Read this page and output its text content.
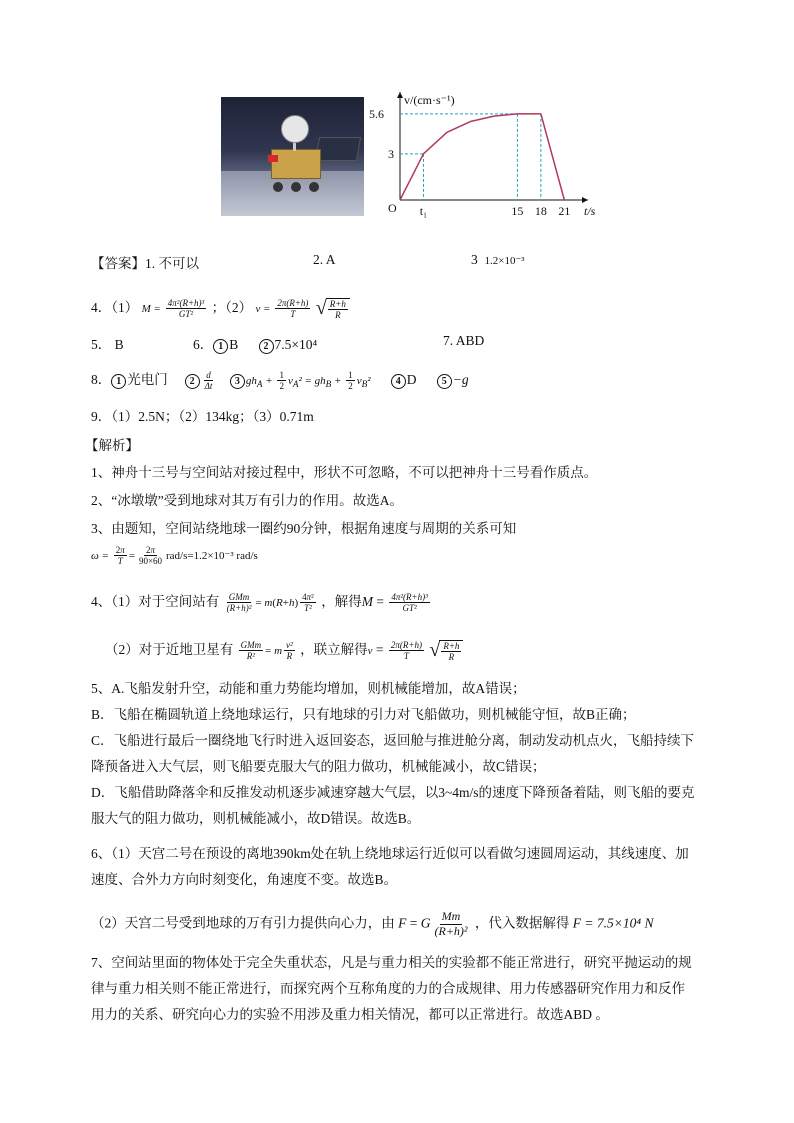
O
5.6
3
t₁	15 18 21 t/s
v/(cm·s⁻¹)
【答案】1. 不可以	2. A	3 1.2×10⁻³
4．（1） $M = \frac{\text{4π²(R+h)³}}{\text{GT²}}$ ；（2） $v = \frac{2\pi(R+h)}{T}$
√ $\frac{R+h}{R}$
5． B	6． 1 B	2 7.5×10⁴	7. ABD
8． 1 光电门 $2 \frac{d}{\Delta t} 3$ $gh_A + \frac{1}{2} v_A^2 = gh_B + \frac{1}{2} v_B^2$	4 D	5 −g
9．（1）2.5N；（2）134kg；（3）0.71m
【解析】
1、神舟十三号与空间站对接过程中，形状不可忽略，不可以把神舟十三号看作质点。
2、“冰墩墩”受到地球对其万有引力的作用。故选A。
3、由题知，空间站绕地球一圈约90分钟，根据角速度与周期的关系可知
$\omega = \frac{2\pi}{T} = \frac{2\pi}{90\times 60} rad/s=1.2\times 10^{-3}$ rad/s
4、（1）对于空间站有 $\frac{\text{GMm}}{\text{(R+h)²}} = m(R+h) \frac{\text{4π²}}{\text{T²}}$ ，解得$M = \frac{\text{4π²(R+h)³}}{\text{GT²}}$
（2）对于近地卫星有 $\frac{\text{GMm}}{\text{R²}} = m \frac{\text{v²}}{R}$ ，联立解得$v = \frac{2\pi(R+h)}{T}$
√ $\frac{R+h}{R}$
5、A.飞船发射升空，动能和重力势能均增加，则机械能增加，故A错误；
B．飞船在椭圆轨道上绕地球运行，只有地球的引力对飞船做功，则机械能守恒，故B正确；
C．飞船进行最后一圈绕地飞行时进入返回姿态，返回舱与推进舱分离，制动发动机点火，飞船持续下
降预备进入大气层，则飞船要克服大气的阻力做功，机械能减小，故C错误；
D．飞船借助降落伞和反推发动机逐步减速穿越大气层，以3~4m/s的速度下降预备着陆，则飞船的要克
服大气的阻力做功，则机械能减小，故D错误。故选B。
6、（1）天宫二号在预设的离地390km处在轨上绕地球运行近似可以看做匀速圆周运动，其线速度、加
速度、合外力方向时刻变化，角速度不变。故选B。
（2）天宫二号受到地球的万有引力提供向心力，由 F = G $\frac{Mm}{\text{(R+h)²}}$ ，代入数据解得 F = 7.5×10⁴ N
7、空间站里面的物体处于完全失重状态，凡是与重力相关的实验都不能正常进行，研究平抛运动的规
律与重力相关则不能正常进行，而探究两个互称角度的力的合成规律、用力传感器研究作用力和反作
用力的关系、研究向心力的实验不用涉及重力相关情况，都可以正常进行。故选ABD 。
